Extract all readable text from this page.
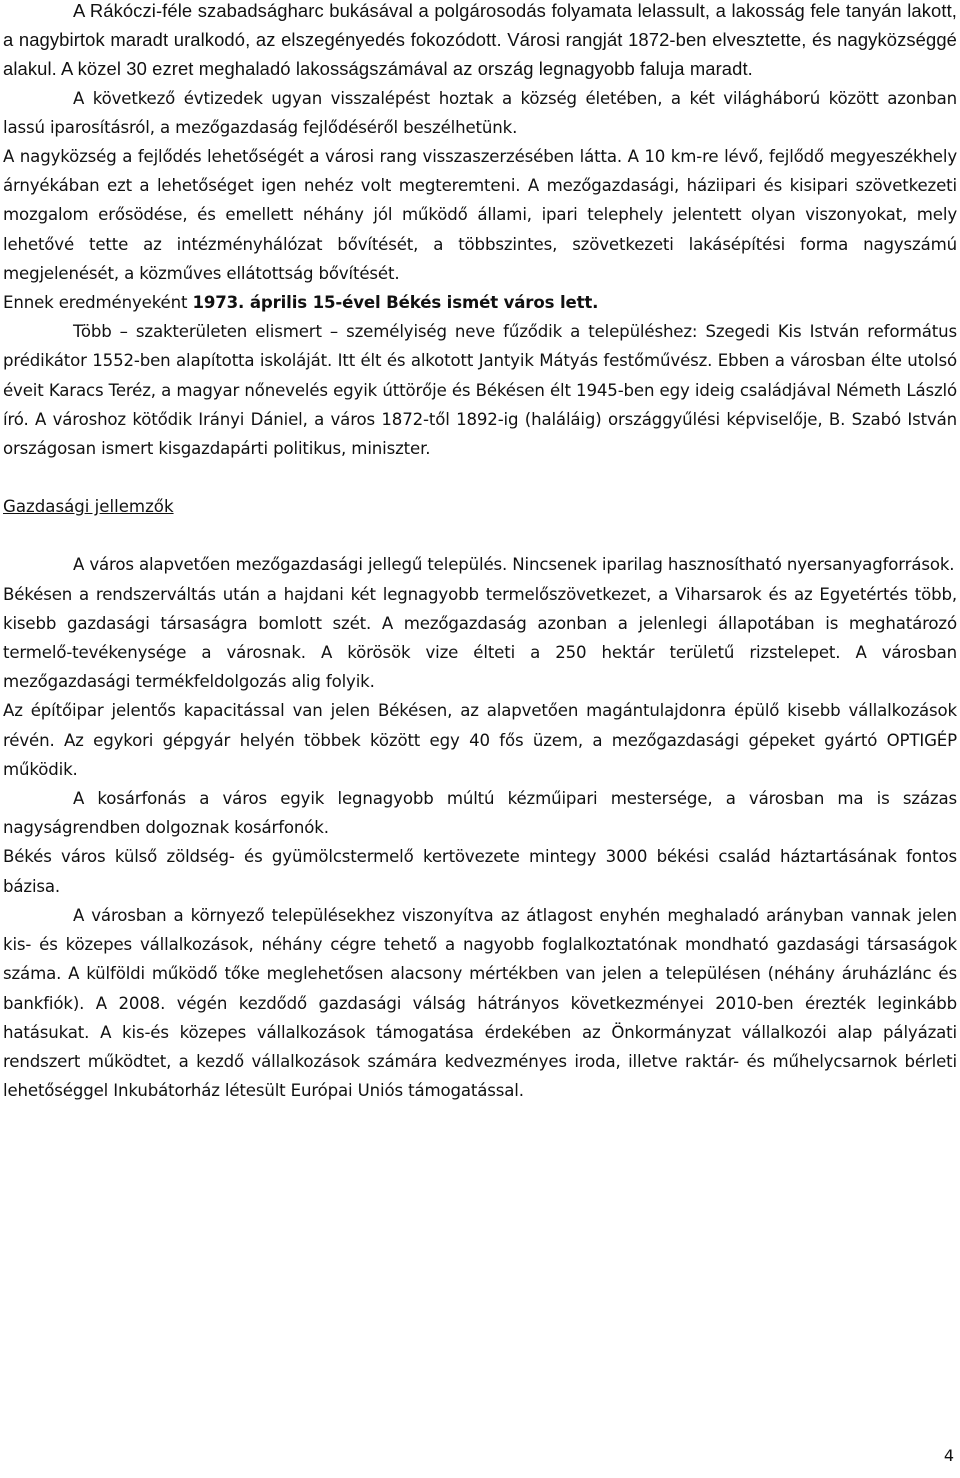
A Rákóczi-féle szabadságharc bukásával a polgárosodás folyamata lelassult, a lakosság fele tanyán lakott, a nagybirtok maradt uralkodó, az elszegényedés fokozódott. Városi rangját 1872-ben elvesztette, és nagyközséggé alakul. A közel 30 ezret meghaladó lakosságszámával az ország legnagyobb faluja maradt.

A következő évtizedek ugyan visszalépést hoztak a község életében, a két világháború között azonban lassú iparosításról, a mezőgazdaság fejlődéséről beszélhetünk.

A nagyközség a fejlődés lehetőségét a városi rang visszaszerzésében látta. A 10 km-re lévő, fejlődő megyeszékhely árnyékában ezt a lehetőséget igen nehéz volt megteremteni. A mezőgazdasági, háziipari és kisipari szövetkezeti mozgalom erősödése, és emellett néhány jól működő állami, ipari telephely jelentett olyan viszonyokat, mely lehetővé tette az intézményhálózat bővítését, a többszintes, szövetkezeti lakásépítési forma nagyszámú megjelenését, a közműves ellátottság bővítését.

Ennek eredményeként 1973. április 15-ével Békés ismét város lett.

Több – szakterületen elismert – személyiség neve fűződik a településhez: Szegedi Kis István református prédikátor 1552-ben alapította iskoláját. Itt élt és alkotott Jantyik Mátyás festőművész. Ebben a városban élte utolsó éveit Karacs Teréz, a magyar nőnevelés egyik úttörője és Békésen élt 1945-ben egy ideig családjával Németh László író. A városhoz kötődik Irányi Dániel, a város 1872-től 1892-ig (haláláig) országgyűlési képviselője, B. Szabó István országosan ismert kisgazdapárti politikus, miniszter.

Gazdasági jellemzők

A város alapvetően mezőgazdasági jellegű település. Nincsenek iparilag hasznosítható nyersanyagforrások.

Békésen a rendszerváltás után a hajdani két legnagyobb termelőszövetkezet, a Viharsarok és az Egyetértés több, kisebb gazdasági társaságra bomlott szét. A mezőgazdaság azonban a jelenlegi állapotában is meghatározó termelő-tevékenysége a városnak. A körösök vize élteti a 250 hektár területű rizstelepet. A városban mezőgazdasági termékfeldolgozás alig folyik.

Az építőipar jelentős kapacitással van jelen Békésen, az alapvetően magántulajdonra épülő kisebb vállalkozások révén. Az egykori gépgyár helyén többek között egy 40 fős üzem, a mezőgazdasági gépeket gyártó OPTIGÉP működik.

A kosárfonás a város egyik legnagyobb múltú kézműipari mestersége, a városban ma is százas nagyságrendben dolgoznak kosárfonók.

Békés város külső zöldség- és gyümölcstermelő kertövezete mintegy 3000 békési család háztartásának fontos bázisa.

A városban a környező településekhez viszonyítva az átlagost enyhén meghaladó arányban vannak jelen kis- és közepes vállalkozások, néhány cégre tehető a nagyobb foglalkoztatónak mondható gazdasági társaságok száma. A külföldi működő tőke meglehetősen alacsony mértékben van jelen a településen (néhány áruházlánc és bankfiók). A 2008. végén kezdődő gazdasági válság hátrányos következményei 2010-ben érezték leginkább hatásukat. A kis-és közepes vállalkozások támogatása érdekében az Önkormányzat vállalkozói alap pályázati rendszert működtet, a kezdő vállalkozások számára kedvezményes iroda, illetve raktár- és műhelycsarnok bérleti lehetőséggel Inkubátorház létesült Európai Uniós támogatással.

4
